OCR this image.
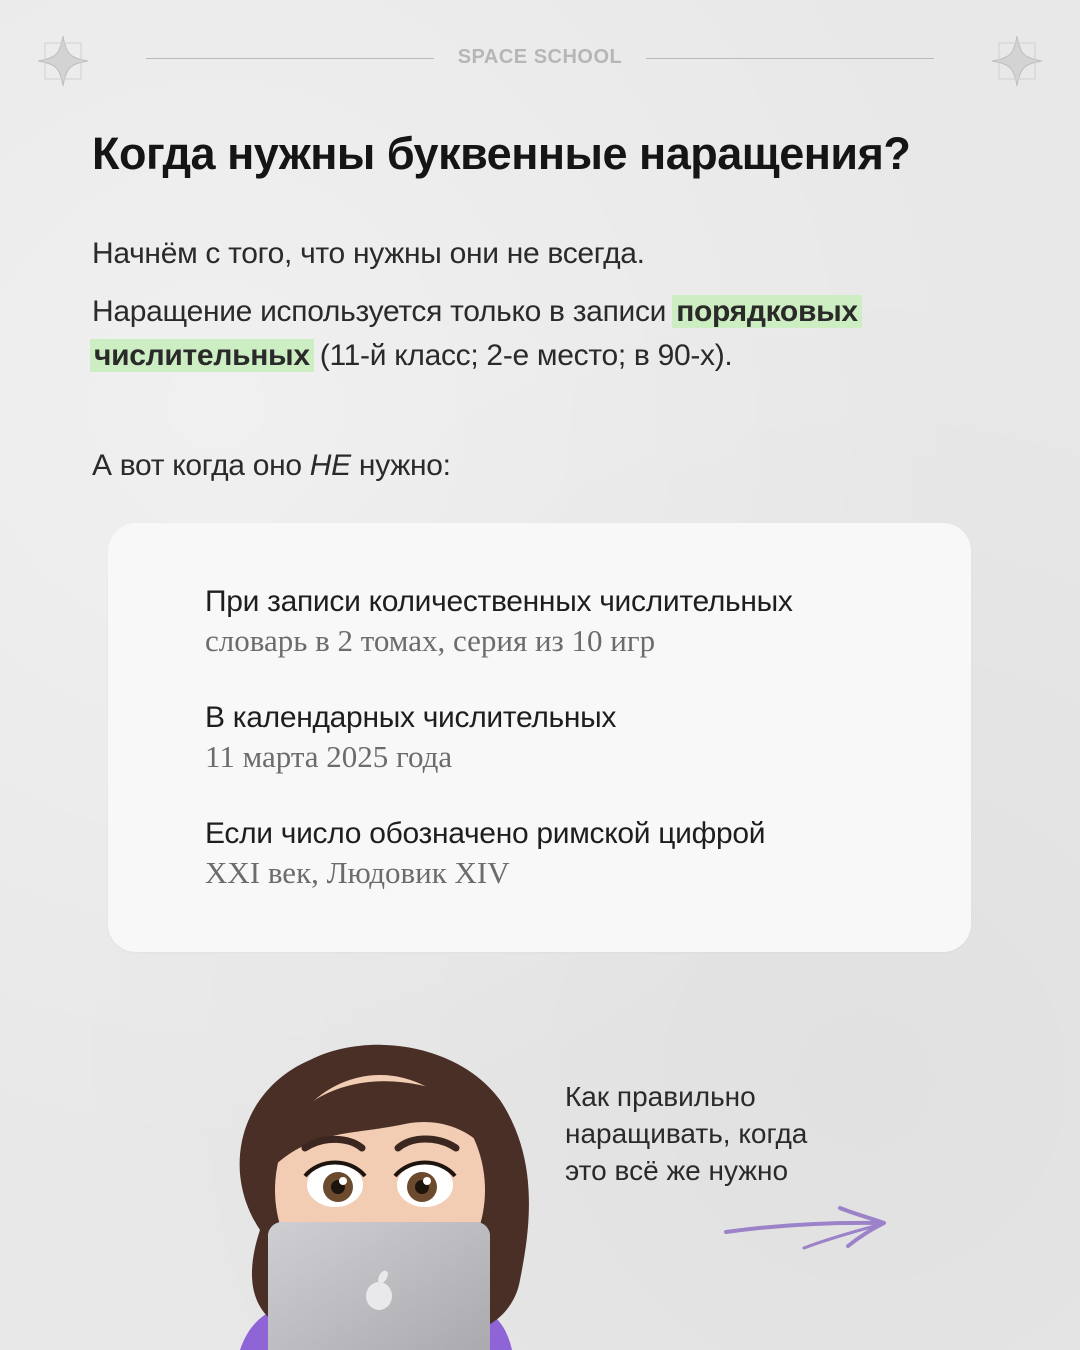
SPACE SCHOOL
Когда нужны буквенные наращения?
Начнём с того, что нужны они не всегда.
Наращение используется только в записи порядковых
числительных (11-й класс; 2-е место; в 90-х).
А вот когда оно НЕ нужно:
При записи количественных числительных
словарь в 2 томах, серия из 10 игр
В календарных числительных
11 марта 2025 года
Если число обозначено римской цифрой
XXI век, Людовик XIV
Как правильно
наращивать, когда
это всё же нужно
